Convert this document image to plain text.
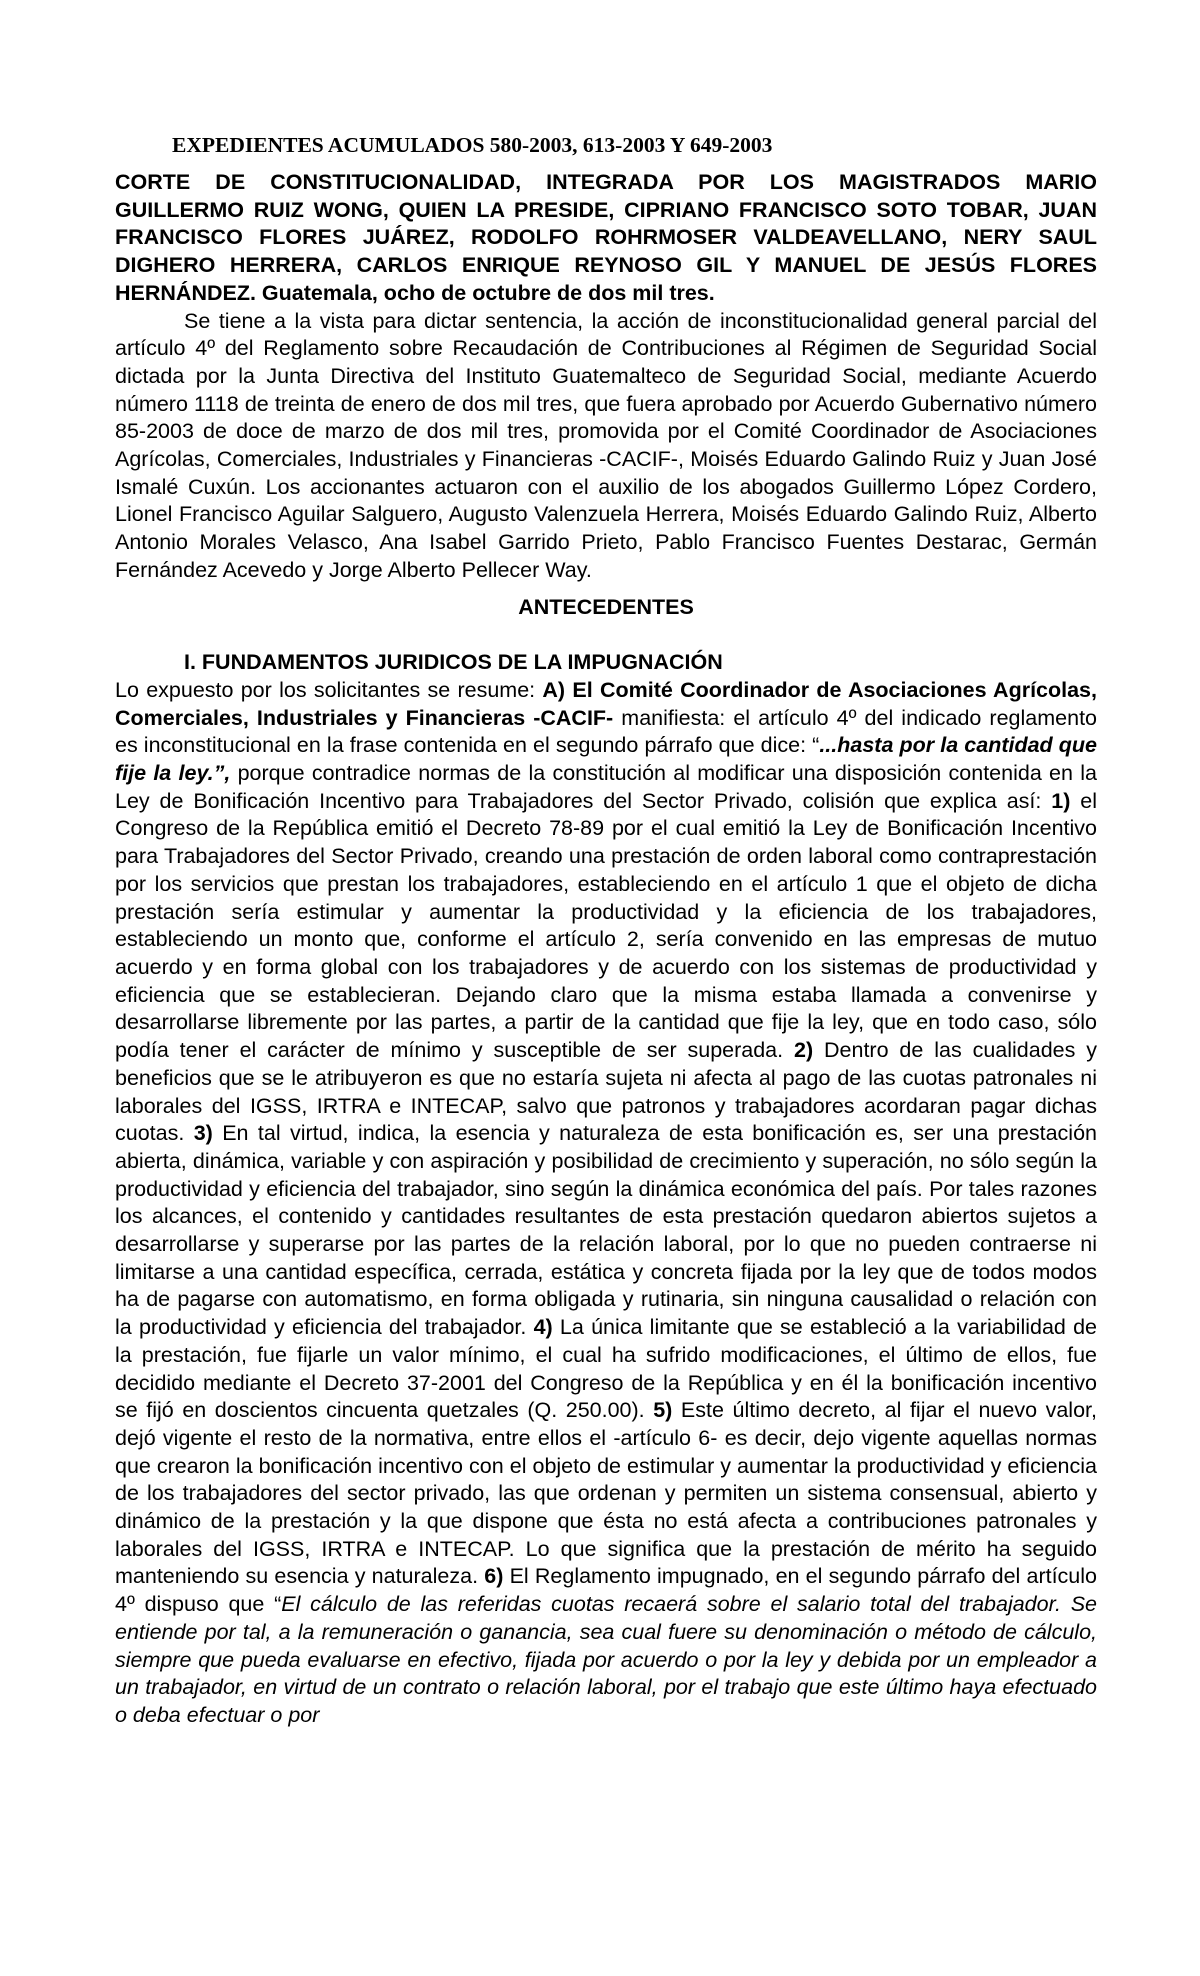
EXPEDIENTES ACUMULADOS 580-2003, 613-2003 Y 649-2003

CORTE DE CONSTITUCIONALIDAD, INTEGRADA POR LOS MAGISTRADOS MARIO GUILLERMO RUIZ WONG, QUIEN LA PRESIDE, CIPRIANO FRANCISCO SOTO TOBAR, JUAN FRANCISCO FLORES JUÁREZ, RODOLFO ROHRMOSER VALDEAVELLANO, NERY SAUL DIGHERO HERRERA, CARLOS ENRIQUE REYNOSO GIL Y MANUEL DE JESÚS FLORES HERNÁNDEZ. Guatemala, ocho de octubre de dos mil tres.

Se tiene a la vista para dictar sentencia, la acción de inconstitucionalidad general parcial del artículo 4º del Reglamento sobre Recaudación de Contribuciones al Régimen de Seguridad Social dictada por la Junta Directiva del Instituto Guatemalteco de Seguridad Social, mediante Acuerdo número 1118 de treinta de enero de dos mil tres, que fuera aprobado por Acuerdo Gubernativo número 85-2003 de doce de marzo de dos mil tres, promovida por el Comité Coordinador de Asociaciones Agrícolas, Comerciales, Industriales y Financieras -CACIF-, Moisés Eduardo Galindo Ruiz y Juan José Ismalé Cuxún. Los accionantes actuaron con el auxilio de los abogados Guillermo López Cordero, Lionel Francisco Aguilar Salguero, Augusto Valenzuela Herrera, Moisés Eduardo Galindo Ruiz, Alberto Antonio Morales Velasco, Ana Isabel Garrido Prieto, Pablo Francisco Fuentes Destarac, Germán Fernández Acevedo y Jorge Alberto Pellecer Way.

ANTECEDENTES
I. FUNDAMENTOS JURIDICOS DE LA IMPUGNACIÓN

Lo expuesto por los solicitantes se resume: A) El Comité Coordinador de Asociaciones Agrícolas, Comerciales, Industriales y Financieras -CACIF- manifiesta: el artículo 4º del indicado reglamento es inconstitucional en la frase contenida en el segundo párrafo que dice: “...hasta por la cantidad que fije la ley.”, porque contradice normas de la constitución al modificar una disposición contenida en la Ley de Bonificación Incentivo para Trabajadores del Sector Privado, colisión que explica así: 1) el Congreso de la República emitió el Decreto 78-89 por el cual emitió la Ley de Bonificación Incentivo para Trabajadores del Sector Privado, creando una prestación de orden laboral como contraprestación por los servicios que prestan los trabajadores, estableciendo en el artículo 1 que el objeto de dicha prestación sería estimular y aumentar la productividad y la eficiencia de los trabajadores, estableciendo un monto que, conforme el artículo 2, sería convenido en las empresas de mutuo acuerdo y en forma global con los trabajadores y de acuerdo con los sistemas de productividad y eficiencia que se establecieran. Dejando claro que la misma estaba llamada a convenirse y desarrollarse libremente por las partes, a partir de la cantidad que fije la ley, que en todo caso, sólo podía tener el carácter de mínimo y susceptible de ser superada. 2) Dentro de las cualidades y beneficios que se le atribuyeron es que no estaría sujeta ni afecta al pago de las cuotas patronales ni laborales del IGSS, IRTRA e INTECAP, salvo que patronos y trabajadores acordaran pagar dichas cuotas. 3) En tal virtud, indica, la esencia y naturaleza de esta bonificación es, ser una prestación abierta, dinámica, variable y con aspiración y posibilidad de crecimiento y superación, no sólo según la productividad y eficiencia del trabajador, sino según la dinámica económica del país. Por tales razones los alcances, el contenido y cantidades resultantes de esta prestación quedaron abiertos sujetos a desarrollarse y superarse por las partes de la relación laboral, por lo que no pueden contraerse ni limitarse a una cantidad específica, cerrada, estática y concreta fijada por la ley que de todos modos ha de pagarse con automatismo, en forma obligada y rutinaria, sin ninguna causalidad o relación con la productividad y eficiencia del trabajador. 4) La única limitante que se estableció a la variabilidad de la prestación, fue fijarle un valor mínimo, el cual ha sufrido modificaciones, el último de ellos, fue decidido mediante el Decreto 37-2001 del Congreso de la República y en él la bonificación incentivo se fijó en doscientos cincuenta quetzales (Q. 250.00). 5) Este último decreto, al fijar el nuevo valor, dejó vigente el resto de la normativa, entre ellos el -artículo 6- es decir, dejo vigente aquellas normas que crearon la bonificación incentivo con el objeto de estimular y aumentar la productividad y eficiencia de los trabajadores del sector privado, las que ordenan y permiten un sistema consensual, abierto y dinámico de la prestación y la que dispone que ésta no está afecta a contribuciones patronales y laborales del IGSS, IRTRA e INTECAP. Lo que significa que la prestación de mérito ha seguido manteniendo su esencia y naturaleza. 6) El Reglamento impugnado, en el segundo párrafo del artículo 4º dispuso que “El cálculo de las referidas cuotas recaerá sobre el salario total del trabajador. Se entiende por tal, a la remuneración o ganancia, sea cual fuere su denominación o método de cálculo, siempre que pueda evaluarse en efectivo, fijada por acuerdo o por la ley y debida por un empleador a un trabajador, en virtud de un contrato o relación laboral, por el trabajo que este último haya efectuado o deba efectuar o por
